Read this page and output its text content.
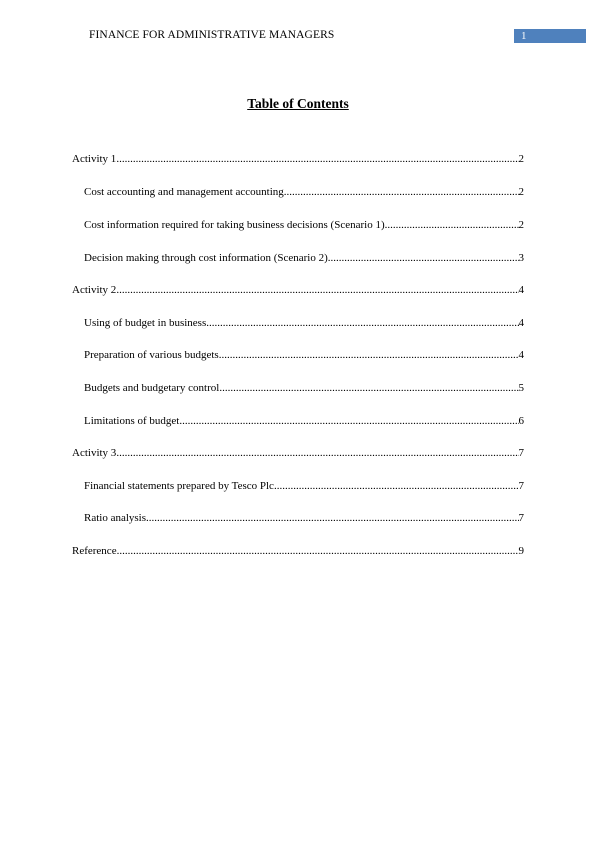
FINANCE FOR ADMINISTRATIVE MANAGERS	1
Table of Contents
Activity 1 .....	2
Cost accounting and management accounting .....	2
Cost information required for taking business decisions (Scenario 1) .....	2
Decision making through cost information (Scenario 2) .....	3
Activity 2 .....	4
Using of budget in business .....	4
Preparation of various budgets .....	4
Budgets and budgetary control .....	5
Limitations of budget .....	6
Activity 3 .....	7
Financial statements prepared by Tesco Plc .....	7
Ratio analysis .....	7
Reference .....	9
